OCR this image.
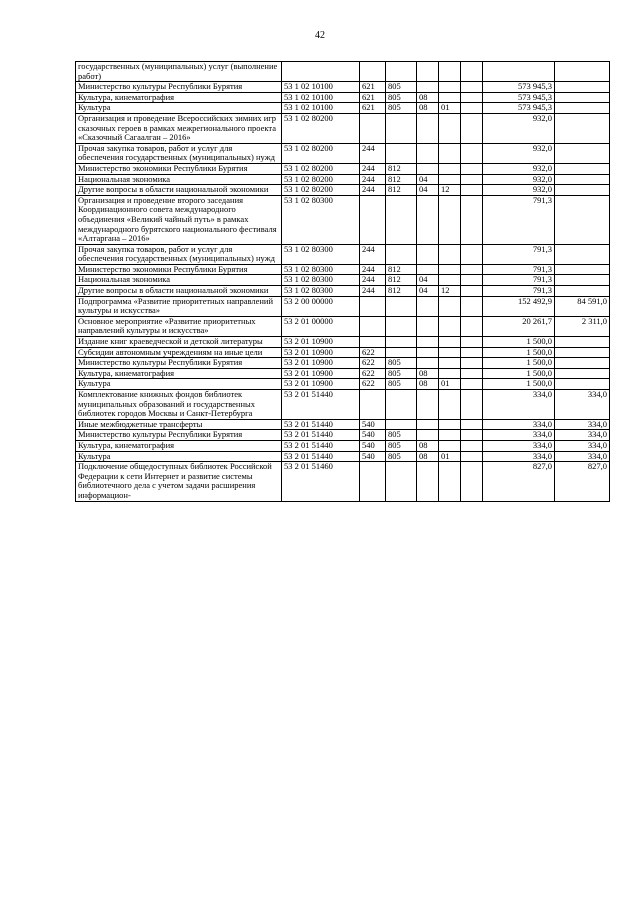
42
государственных (муниципальных) услуг (выполнение работ)								
Министерство культуры Республики Бурятия	53 1 02 10100	621	805				573 945,3	
Культура, кинематография	53 1 02 10100	621	805	08			573 945,3	
Культура	53 1 02 10100	621	805	08	01		573 945,3	
Организация и проведение Всероссийских зимних игр сказочных героев в рамках межрегионального проекта «Сказочный Сагаалган – 2016»	53 1 02 80200						932,0	
Прочая закупка товаров, работ и услуг для обеспечения государственных (муниципальных) нужд	53 1 02 80200	244					932,0	
Министерство экономики Республики Бурятия	53 1 02 80200	244	812				932,0	
Национальная экономика	53 1 02 80200	244	812	04			932,0	
Другие вопросы в области национальной экономики	53 1 02 80200	244	812	04	12		932,0	
Организация и проведение второго заседания Координационного совета международного объединения «Великий чайный путь» в рамках международного бурятского национального фестиваля «Алтаргана – 2016»	53 1 02 80300						791,3	
Прочая закупка товаров, работ и услуг для обеспечения государственных (муниципальных) нужд	53 1 02 80300	244					791,3	
Министерство экономики Республики Бурятия	53 1 02 80300	244	812				791,3	
Национальная экономика	53 1 02 80300	244	812	04			791,3	
Другие вопросы в области национальной экономики	53 1 02 80300	244	812	04	12		791,3	
Подпрограмма «Развитие приоритетных направлений культуры и искусства»	53 2 00 00000						152 492,9	84 591,0
Основное мероприятие «Развитие приоритетных направлений культуры и искусства»	53 2 01 00000						20 261,7	2 311,0
Издание книг краеведческой и детской литературы	53 2 01 10900						1 500,0	
Субсидии автономным учреждениям на иные цели	53 2 01 10900	622					1 500,0	
Министерство культуры Республики Бурятия	53 2 01 10900	622	805				1 500,0	
Культура, кинематография	53 2 01 10900	622	805	08			1 500,0	
Культура	53 2 01 10900	622	805	08	01		1 500,0	
Комплектование книжных фондов библиотек муниципальных образований и государственных библиотек городов Москвы и Санкт-Петербурга	53 2 01 51440						334,0	334,0
Иные межбюджетные трансферты	53 2 01 51440	540					334,0	334,0
Министерство культуры Республики Бурятия	53 2 01 51440	540	805				334,0	334,0
Культура, кинематография	53 2 01 51440	540	805	08			334,0	334,0
Культура	53 2 01 51440	540	805	08	01		334,0	334,0
Подключение общедоступных библиотек Российской Федерации к сети Интернет и развитие системы библиотечного дела с учетом задачи расширения информацион-	53 2 01 51460						827,0	827,0
